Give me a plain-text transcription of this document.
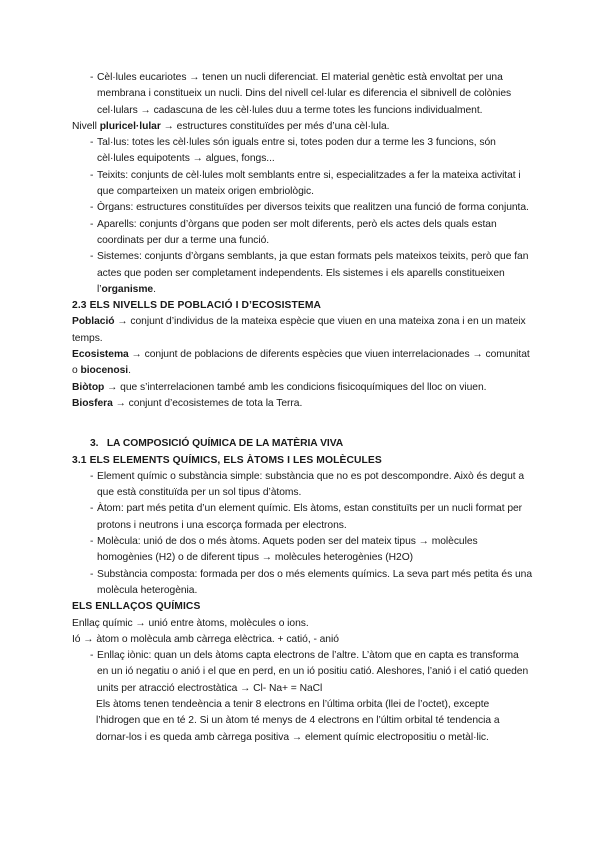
- Cèl·lules eucariotes → tenen un nucli diferenciat. El material genètic està envoltat per una membrana i constitueix un nucli. Dins del nivell cel·lular es diferencia el sibnivell de colònies cel·lulars → cadascuna de les cèl·lules duu a terme totes les funcions individualment.
Nivell pluricel·lular → estructures constituïdes per més d’una cèl·lula.
- Tal·lus: totes les cèl·lules són iguals entre si, totes poden dur a terme les 3 funcions, són cèl·lules equipotents → algues, fongs...
- Teixits: conjunts de cèl·lules molt semblants entre si, especialitzades a fer la mateixa activitat i que comparteixen un mateix origen embriològic.
- Òrgans: estructures constituïdes per diversos teixits que realitzen una funció de forma conjunta.
- Aparells: conjunts d’òrgans que poden ser molt diferents, però els actes dels quals estan coordinats per dur a terme una funció.
- Sistemes: conjunts d’òrgans semblants, ja que estan formats pels mateixos teixits, però que fan actes que poden ser completament independents. Els sistemes i els aparells constitueixen l’organisme.
2.3 ELS NIVELLS DE POBLACIÓ I D’ECOSISTEMA
Població → conjunt d’individus de la mateixa espècie que viuen en una mateixa zona i en un mateix temps.
Ecosistema → conjunt de poblacions de diferents espècies que viuen interrelacionades → comunitat o biocenosi.
Biòtop → que s’interrelacionen també amb les condicions fisicoquímiques del lloc on viuen.
Biosfera → conjunt d’ecosistemes de tota la Terra.
3. LA COMPOSICIÓ QUÍMICA DE LA MATÈRIA VIVA
3.1 ELS ELEMENTS QUÍMICS, ELS ÀTOMS I LES MOLÈCULES
- Element químic o substància simple: substància que no es pot descompondre. Això és degut a que està constituïda per un sol tipus d’àtoms.
- Àtom: part més petita d’un element químic. Els àtoms, estan constituïts per un nucli format per protons i neutrons i una escorça formada per electrons.
- Molècula: unió de dos o més àtoms. Aquets poden ser del mateix tipus → molècules homogènies (H2) o de diferent tipus → molècules heterogènies (H2O)
- Substància composta: formada per dos o més elements químics. La seva part més petita és una molècula heterogènia.
ELS ENLLAÇOS QUÍMICS
Enllaç químic → unió entre àtoms, molècules o ions.
Ió → àtom o molècula amb càrrega elèctrica. + catió, - anió
- Enllaç iònic: quan un dels àtoms capta electrons de l’altre. L’àtom que en capta es transforma en un ió negatiu o anió i el que en perd, en un ió positiu catió. Aleshores, l’anió i el catió queden units per atracció electrostàtica → Cl- Na+ = NaCl
Els àtoms tenen tendeència a tenir 8 electrons en l’última orbita (llei de l’octet), excepte l’hidrogen que en té 2. Si un àtom té menys de 4 electrons en l’últim orbital té tendencia a dornar-los i es queda amb càrrega positiva → element químic electropositiu o metàl·lic.
